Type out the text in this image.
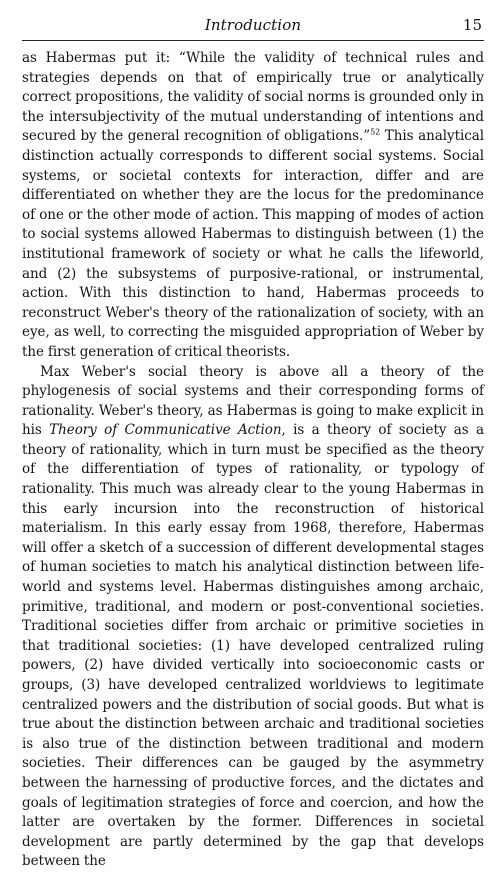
Introduction	15

as Habermas put it: “While the validity of technical rules and strategies depends on that of empirically true or analytically correct propositions, the validity of social norms is grounded only in the intersubjectivity of the mutual understanding of intentions and secured by the general recognition of obligations.”$^{52}$ This analytical distinction actually corresponds to different social systems. Social systems, or societal contexts for interaction, differ and are differentiated on whether they are the locus for the predominance of one or the other mode of action. This mapping of modes of action to social systems allowed Habermas to distinguish between (1) the institutional framework of society or what he calls the lifeworld, and (2) the subsystems of purposive-rational, or instrumental, action. With this distinction to hand, Habermas proceeds to reconstruct Weber's theory of the rationalization of society, with an eye, as well, to correcting the misguided appropriation of Weber by the first generation of critical theorists.

Max Weber's social theory is above all a theory of the phylogenesis of social systems and their corresponding forms of rationality. Weber's theory, as Habermas is going to make explicit in his Theory of Communicative Action, is a theory of society as a theory of rationality, which in turn must be specified as the theory of the differentiation of types of rationality, or typology of rationality. This much was already clear to the young Habermas in this early incursion into the reconstruction of historical materialism. In this early essay from 1968, therefore, Habermas will offer a sketch of a succession of different developmental stages of human societies to match his analytical distinction between life-world and systems level. Habermas distinguishes among archaic, primitive, traditional, and modern or post-conventional societies. Traditional societies differ from archaic or primitive societies in that traditional societies: (1) have developed centralized ruling powers, (2) have divided vertically into socioeconomic casts or groups, (3) have developed centralized worldviews to legitimate centralized powers and the distribution of social goods. But what is true about the distinction between archaic and traditional societies is also true of the distinction between traditional and modern societies. Their differences can be gauged by the asymmetry between the harnessing of productive forces, and the dictates and goals of legitimation strategies of force and coercion, and how the latter are overtaken by the former. Differences in societal development are partly determined by the gap that develops between the
